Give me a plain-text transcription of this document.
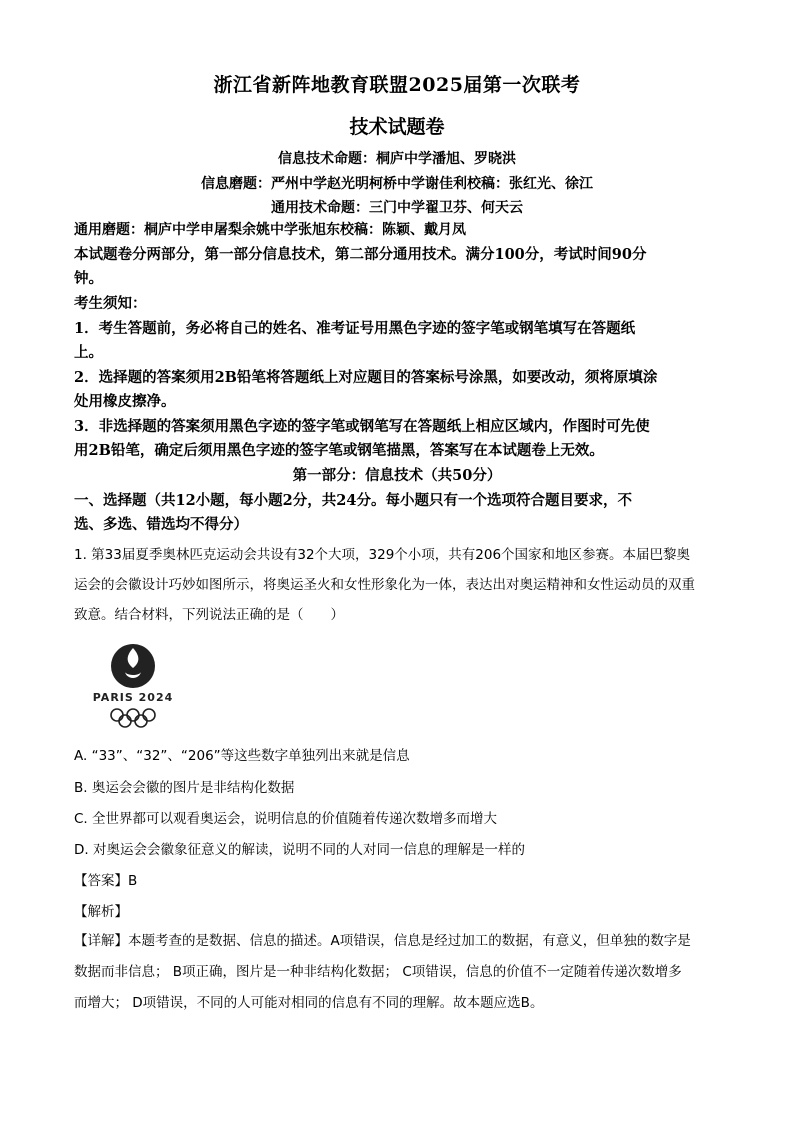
浙江省新阵地教育联盟2025届第一次联考
技术试题卷
信息技术命题：桐庐中学潘旭、罗晓洪
信息磨题：严州中学赵光明柯桥中学谢佳利校稿：张红光、徐江
通用技术命题：三门中学翟卫芬、何天云
通用磨题：桐庐中学申屠梨余姚中学张旭东校稿：陈颖、戴月凤
本试题卷分两部分，第一部分信息技术，第二部分通用技术。满分100分，考试时间90分
钟。
考生须知：
1．考生答题前，务必将自己的姓名、准考证号用黑色字迹的签字笔或钢笔填写在答题纸
上。
2．选择题的答案须用2B铅笔将答题纸上对应题目的答案标号涂黑，如要改动，须将原填涂
处用橡皮擦净。
3．非选择题的答案须用黑色字迹的签字笔或钢笔写在答题纸上相应区域内，作图时可先使
用2B铅笔，确定后须用黑色字迹的签字笔或钢笔描黑，答案写在本试题卷上无效。
第一部分：信息技术（共50分）
一、选择题（共12小题，每小题2分，共24分。每小题只有一个选项符合题目要求，不
选、多选、错选均不得分）
1. 第33届夏季奥林匹克运动会共设有32个大项，329个小项，共有206个国家和地区参赛。本届巴黎奥
运会的会徽设计巧妙如图所示，将奥运圣火和女性形象化为一体，表达出对奥运精神和女性运动员的双重
致意。结合材料，下列说法正确的是（　　）
PARIS 2024
A. “33”、“32”、“206”等这些数字单独列出来就是信息
B. 奥运会会徽的图片是非结构化数据
C. 全世界都可以观看奥运会，说明信息的价值随着传递次数增多而增大
D. 对奥运会会徽象征意义的解读，说明不同的人对同一信息的理解是一样的
【答案】B
【解析】
【详解】本题考查的是数据、信息的描述。A项错误，信息是经过加工的数据，有意义，但单独的数字是
数据而非信息； B项正确，图片是一种非结构化数据； C项错误，信息的价值不一定随着传递次数增多
而增大； D项错误，不同的人可能对相同的信息有不同的理解。故本题应选B。
